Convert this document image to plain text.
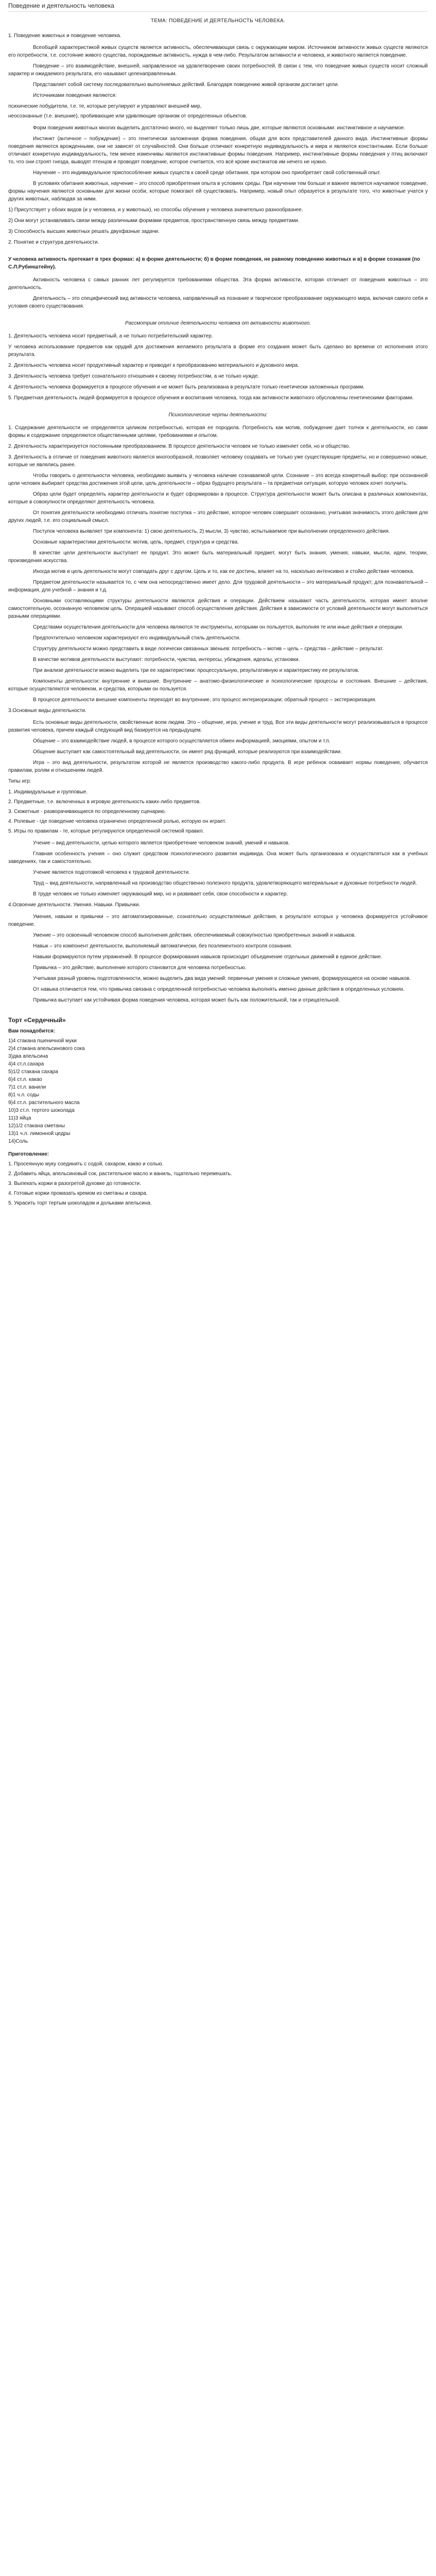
Поведение и деятельность человека
ТЕМА: ПОВЕДЕНИЕ И ДЕЯТЕЛЬНОСТЬ ЧЕЛОВЕКА.
1. Поведение животных и поведение человека.

Всеобщей характеристикой живых существ является активность, обеспечивающая связь с окружающим миром. Источником активности живых существ являются его потребности, т.е. состояние живого существа, порождаемые активность, нужда в чем-либо. Результатом активности и человека, и животного является поведение.

Поведение – это взаимодействие, внешней, направленное на удовлетворение своих потребностей. В связи с тем, что поведение живых существ носит сложный характер и ожидаемого результата, его называют целенаправленным.

Представляет собой систему последовательно выполняемых действий. Благодаря поведению живой организм достигает цели.

Источниками поведения являются:

психические побудители, т.е. те, которые регулируют и управляют внешней мир,
неосознанные (т.е. внешние), пробивающие или удивляющие организм от определенных объектов.

Форм поведения животных многих выделить достаточно много, но выделяют только лишь две, которые являются основными: инстинктивное и научаемое.

Инстинкт (античное – побуждение) – это генетически заложенная форма поведения, общая для всех представителей данного вида. Инстинктивные формы поведения являются врожденными, они не зависят от случайностей. Они больше отличают конкретную индивидуальность и мира и являются константными. Если больше отличают конкретную индивидуальность, тем менее изменчивы являются инстинктивные формы поведения. Например, инстинктивные формы поведения у птиц включают то, что они строят гнезда, выводят птенцов и проводят поведение, которое считается, что всё кроме инстинктов им нечего не нужно.

Научение – это индивидуальное приспособление живых существ к своей среде обитания, при котором оно приобретает свой собственный опыт.

В условиях обитания животных, научение – это способ приобретения опыта в условиях среды. При научении тем больше и важнее является научаемое поведение, формы научения являются основными для жизни особи, которые помогают ей существовать. Например, новый опыт образуется в результате того, что животные учатся у других животных, наблюдая за ними.

1) Присутствует у обоих видов (и у человека, и у животных), но способы обучения у человека значительно разнообразнее.

2) Они могут устанавливать связи между различными формами предметов, пространственную связь между предметами.

3) Способность высших животных решать двухфазные задачи.

2. Понятие и структура деятельности.
У человека активность протекает в трех формах: а) в форме деятельности; б) в форме поведения, не равному поведению животных и в) в форме сознания (по С.Л.Рубинштейну).

Активность человека с самых ранних лет регулируется требованиями общества. Эта форма активности, которая отличает от поведения животных – это деятельность.

Деятельность – это специфический вид активности человека, направленный на познание и творческое преобразование окружающего мира, включая самого себя и условия своего существования.

Рассмотрим отличие деятельности человека от активности животного.

1. Деятельность человека носит предметный, а не только потребительский характер.

У человека использование предметов как орудий для достижения желаемого результата в форме его создания может быть сделано во времени от исполнения этого результата.

2. Деятельность человека носит продуктивный характер и приводит к преобразованию материального и духовного мира.

3. Деятельность человека требует сознательного отношения к своему потребностям, а не только нужде.

4. Деятельность человека формируется в процессе обучения и не может быть реализована в результате только генетически заложенных программ.

5. Предметная деятельность людей формируется в процессе обучения и воспитания человека, тогда как активности животного обусловлены генетическими факторами.

Психологические черты деятельности:

1. Содержание деятельности не определяется целиком потребностью, которая ее породила. Потребность как мотив, побуждение дает толчок к деятельности, но сами формы и содержание определяются общественными целями, требованиями и опытом.

2. Деятельность характеризуется постоянными преобразованием. В процессе деятельности человек не только изменяет себя, но и общество.

3. Деятельность в отличие от поведения животного является многообразной, позволяет человеку создавать не только уже существующие предметы, но и совершенно новые, которые не являлись ранее.

Чтобы говорить о деятельности человека, необходимо выявить у человека наличие сознаваемой цели. Сознание – это всегда конкретный выбор: при осознанной цели человек выбирает средства достижения этой цели, цель деятельности – образ будущего результата – та предметная ситуация, которую человек хочет получить.

Образ цели будет определять характер деятельности и будет сформирован в процессе. Структура деятельности может быть описана в различных компонентах, которые в совокупности определяют деятельность человека.

От понятия деятельности необходимо отличать понятие поступка – это действие, которое человек совершает осознанно, учитывая значимость этого действия для других людей, т.е. его социальный смысл.

Поступок человека выявляет три компонента: 1) свою деятельность, 2) мысли, 3) чувство, испытываемое при выполнении определенного действия.

Основные характеристики деятельности: мотив, цель, предмет, структура и средства.

В качестве цели деятельности выступает ее продукт. Это может быть материальный предмет, могут быть знания, умения, навыки, мысли, идеи, теории, произведения искусства.

Иногда мотив и цель деятельности могут совпадать друг с другом. Цель и то, как ее достичь, влияет на то, насколько интенсивно и стойко действия человека.

Предметом деятельности называется то, с чем она непосредственно имеет дело. Для трудовой деятельности – это материальный продукт; для познавательной – информация, для учебной – знания и т.д.

Основными составляющими структуры деятельности являются действия и операции. Действием называют часть деятельности, которая имеет вполне самостоятельную, осознанную человеком цель. Операцией называют способ осуществления действия. Действия в зависимости от условий деятельности могут выполняться разными операциями.

Средствами осуществления деятельности для человека являются те инструменты, которыми он пользуется, выполняя те или иные действия и операции.

Предпочтительно человеком характеризуют его индивидуальный стиль деятельности.

Структуру деятельности можно представить в виде логически связанных звеньев: потребность – мотив – цель – средства – действие – результат.

В качестве мотивов деятельности выступают: потребности, чувства, интересы, убеждения, идеалы, установки.

При анализе деятельности можно выделить три ее характеристики: процессуальную, результативную и характеристику ее результатов.

Компоненты деятельности: внутренние и внешние. Внутренние – анатомо-физиологические и психологические процессы и состояния. Внешние – действия, которые осуществляются человеком, и средства, которыми он пользуется.

В процессе деятельности внешние компоненты переходят во внутренние, это процесс интериоризации; обратный процесс – экстериоризация.

3.Основные виды деятельности.

Есть основные виды деятельности, свойственные всем людям. Это – общение, игра, учение и труд. Все эти виды деятельности могут реализовываться в процессе развития человека, причем каждый следующий вид базируется на предыдущем.

Общение – это взаимодействие людей, в процессе которого осуществляется обмен информацией, эмоциями, опытом и т.п.

Общение выступает как самостоятельный вид деятельности, он имеет ряд функций, которые реализуются при взаимодействии.

Игра – это вид деятельности, результатом которой не является производство какого-либо продукта. В игре ребенок осваивает нормы поведения, обучается правилам, ролям и отношениям людей.

Типы игр:

1. Индивидуальные и групповые.
2. Предметные, т.е. включенных в игровую деятельность каких-либо предметов.
3. Сюжетные - разворачивающиеся по определенному сценарию.
4. Ролевые - где поведение человека ограничено определенной ролью, которую он играет.
5. Игры по правилам - те, которые регулируются определенной системой правил.

Учение – вид деятельности, целью которого является приобретение человеком знаний, умений и навыков.

Главная особенность учения – оно служит средством психологического развития индивида. Она может быть организована и осуществляться как в учебных заведениях, так и самостоятельно.

Учение является подготовкой человека к трудовой деятельности.

Труд – вид деятельности, направленный на производство общественно полезного продукта, удовлетворяющего материальные и духовные потребности людей.

В труде человек не только изменяет окружающий мир, но и развивает себя, свои способности и характер.

4.Освоение деятельности. Умения. Навыки. Привычки.

Умения, навыки и привычки – это автоматизированные, сознательно осуществляемые действия, в результате которых у человека формируется устойчивое поведение.

Умение – это освоенный человеком способ выполнения действия, обеспечиваемый совокупностью приобретенных знаний и навыков.

Навык – это компонент деятельности, выполняемый автоматически, без поэлементного контроля сознания.

Навыки формируются путем упражнений. В процессе формирования навыков происходит объединение отдельных движений в единое действие.

Привычка – это действие, выполнение которого становится для человека потребностью.

Учитывая разный уровень подготовленности, можно выделить два вида умений: первичные умения и сложные умения, формирующиеся на основе навыков.

От навыка отличается тем, что привычка связана с определенной потребностью человека выполнять именно данные действия в определенных условиях.

Привычка выступает как устойчивая форма поведения человека, которая может быть как положительной, так и отрицательной.

Торт «Сердечный»
Вам понадобится:
1)4 стакана пшеничной муки
2)4 стакана апельсинового сока
3)два апельсина
4)4 ст.л.сахара
5)1/2 стакана сахара
6)4 ст.л. какао
7)1 ст.л. ванили
8)1 ч.л. соды
9)4 ст.л. растительного масла
10)3 ст.л. тертого шоколада
11)3 яйца
12)1/2 стакана сметаны
13)1 ч.л. лимонной цедры
14)Соль
Приготовление:
1. Просеянную муку соединить с содой, сахаром, какао и солью.
2. Добавить яйца, апельсиновый сок, растительное масло и ваниль, тщательно перемешать.
3. Выпекать коржи в разогретой духовке до готовности.
4. Готовые коржи промазать кремом из сметаны и сахара.
5. Украсить торт тертым шоколадом и дольками апельсина.
